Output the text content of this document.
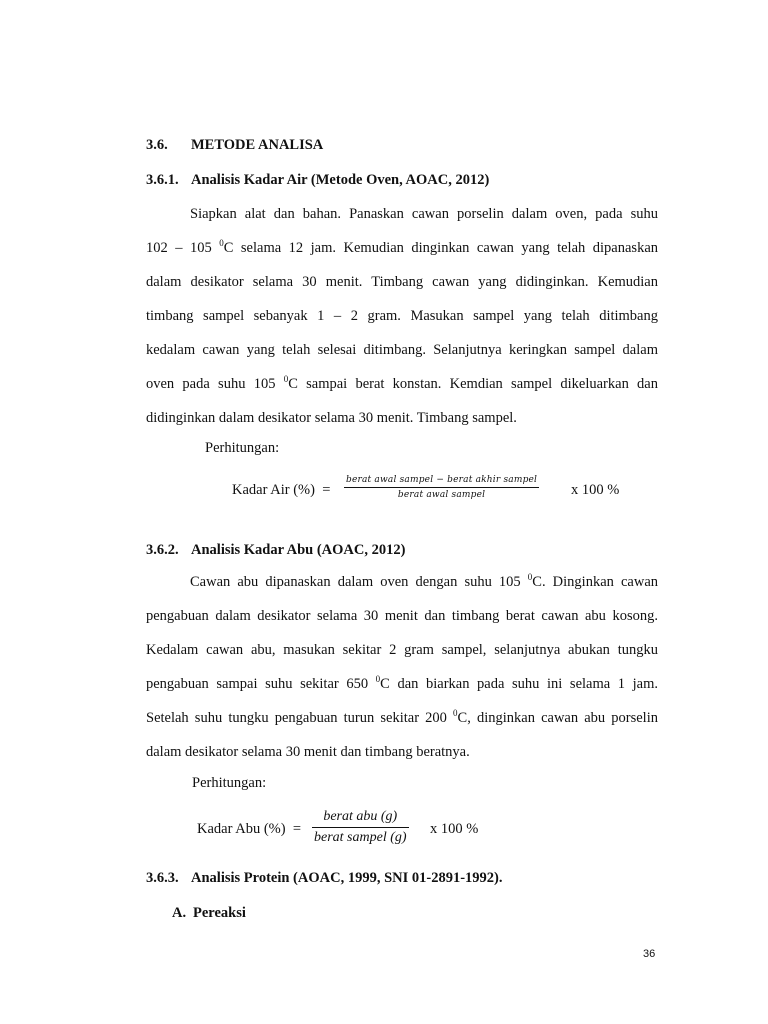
3.6. METODE ANALISA
3.6.1. Analisis Kadar Air (Metode Oven, AOAC, 2012)
Siapkan alat dan bahan. Panaskan cawan porselin dalam oven, pada suhu
102 – 105 $^0$C selama 12 jam. Kemudian dinginkan cawan yang telah dipanaskan
dalam desikator selama 30 menit. Timbang cawan yang didinginkan. Kemudian
timbang sampel sebanyak 1 – 2 gram. Masukan sampel yang telah ditimbang
kedalam cawan yang telah selesai ditimbang. Selanjutnya keringkan sampel dalam
oven pada suhu 105 $^0$C sampai berat konstan. Kemdian sampel dikeluarkan dan
didinginkan dalam desikator selama 30 menit. Timbang sampel.
Perhitungan:
Kadar Air (%) =
berat awal sampel − berat akhir sampel
berat awal sampel	x 100 %
3.6.2. Analisis Kadar Abu (AOAC, 2012)
Cawan abu dipanaskan dalam oven dengan suhu 105 $^0$C. Dinginkan cawan
pengabuan dalam desikator selama 30 menit dan timbang berat cawan abu kosong.
Kedalam cawan abu, masukan sekitar 2 gram sampel, selanjutnya abukan tungku
pengabuan sampai suhu sekitar 650 $^0$C dan biarkan pada suhu ini selama 1 jam.
Setelah suhu tungku pengabuan turun sekitar 200 $^0$C, dinginkan cawan abu porselin
dalam desikator selama 30 menit dan timbang beratnya.
Perhitungan:
Kadar Abu (%) =
berat abu (g)
berat sampel (g)
x 100 %
3.6.3. Analisis Protein (AOAC, 1999, SNI 01-2891-1992).
A. Pereaksi
36
